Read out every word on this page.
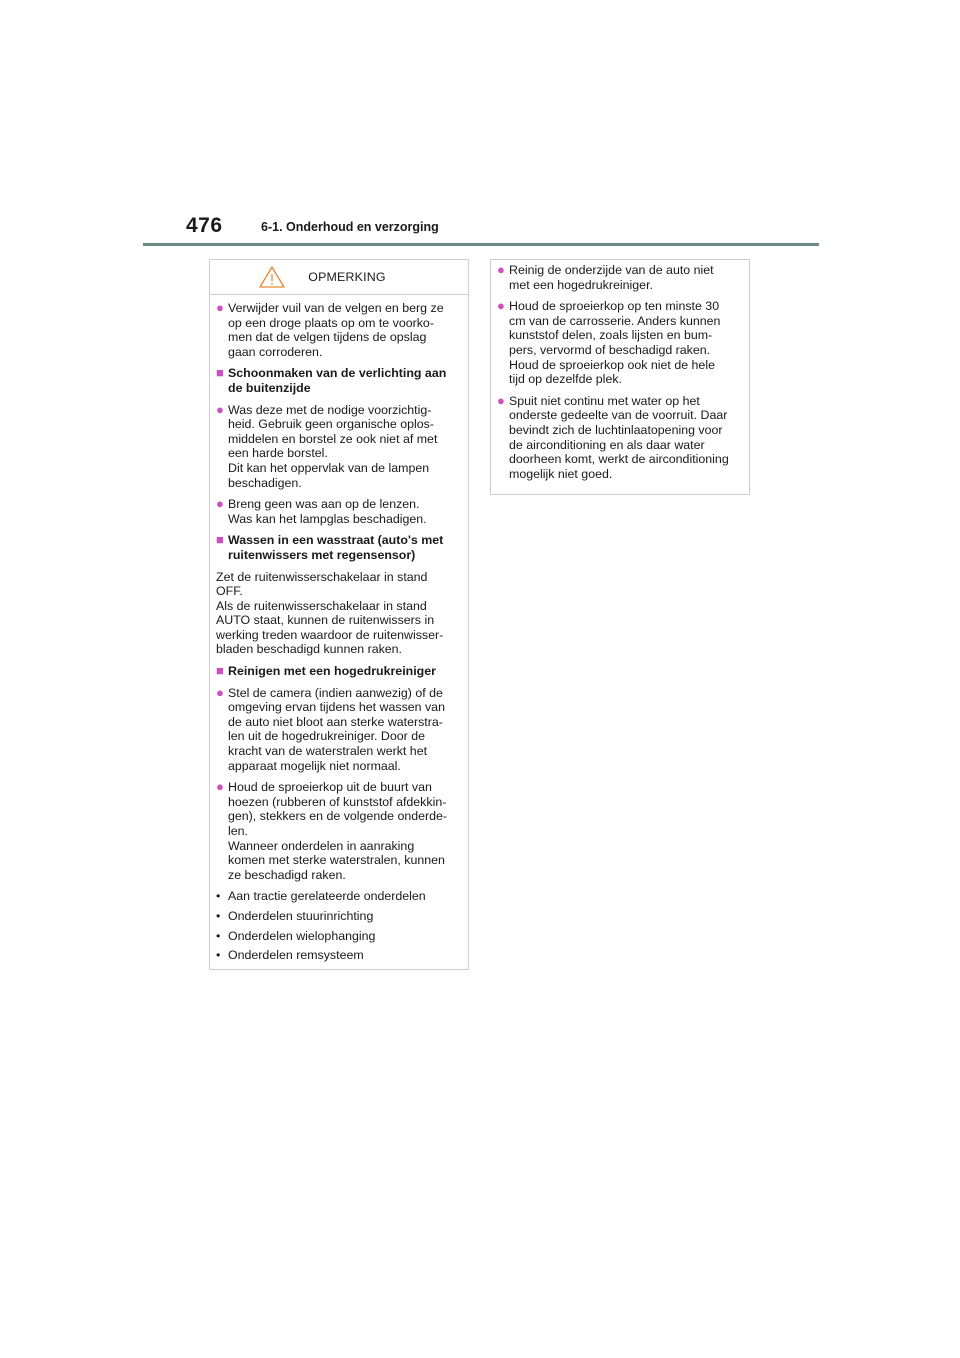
476	6-1. Onderhoud en verzorging
OPMERKING
● Verwijder vuil van de velgen en berg ze
op een droge plaats op om te voorko-
men dat de velgen tijdens de opslag
gaan corroderen.
■ Schoonmaken van de verlichting aan
de buitenzijde
● Was deze met de nodige voorzichtig-
heid. Gebruik geen organische oplos-
middelen en borstel ze ook niet af met
een harde borstel.
Dit kan het oppervlak van de lampen
beschadigen.
● Breng geen was aan op de lenzen.
Was kan het lampglas beschadigen.
■ Wassen in een wasstraat (auto's met
ruitenwissers met regensensor)
Zet de ruitenwisserschakelaar in stand
OFF.
Als de ruitenwisserschakelaar in stand
AUTO staat, kunnen de ruitenwissers in
werking treden waardoor de ruitenwisser-
bladen beschadigd kunnen raken.
■ Reinigen met een hogedrukreiniger
● Stel de camera (indien aanwezig) of de
omgeving ervan tijdens het wassen van
de auto niet bloot aan sterke waterstra-
len uit de hogedrukreiniger. Door de
kracht van de waterstralen werkt het
apparaat mogelijk niet normaal.
● Houd de sproeierkop uit de buurt van
hoezen (rubberen of kunststof afdekkin-
gen), stekkers en de volgende onderde-
len.
Wanneer onderdelen in aanraking
komen met sterke waterstralen, kunnen
ze beschadigd raken.
• Aan tractie gerelateerde onderdelen
• Onderdelen stuurinrichting
• Onderdelen wielophanging
• Onderdelen remsysteem
● Reinig de onderzijde van de auto niet
met een hogedrukreiniger.
● Houd de sproeierkop op ten minste 30
cm van de carrosserie. Anders kunnen
kunststof delen, zoals lijsten en bum-
pers, vervormd of beschadigd raken.
Houd de sproeierkop ook niet de hele
tijd op dezelfde plek.
● Spuit niet continu met water op het
onderste gedeelte van de voorruit. Daar
bevindt zich de luchtinlaatopening voor
de airconditioning en als daar water
doorheen komt, werkt de airconditioning
mogelijk niet goed.
